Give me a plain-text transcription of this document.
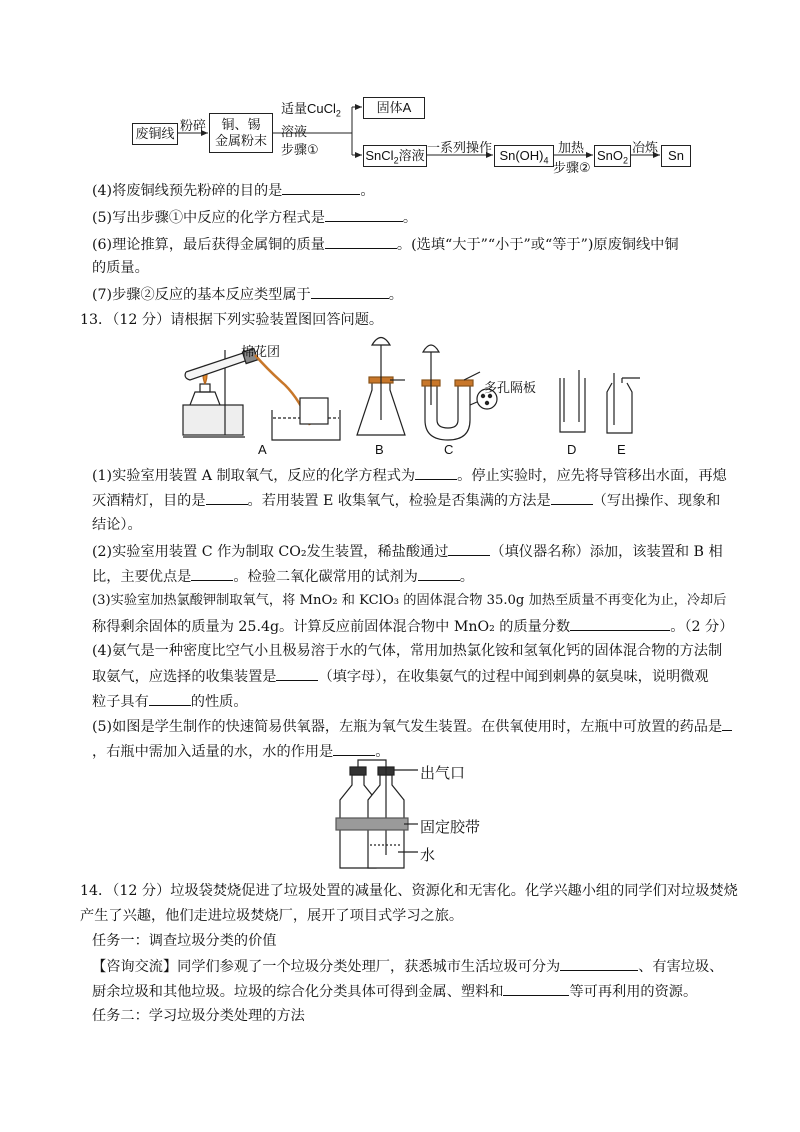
废铜线
粉碎	铜、锡
金属粉末
适量CuCl$_2$
溶液
步骤①
固体A
SnCl$_2$溶液
一系列操作
$Sn(OH)_4$
加热
步骤②
SnO$_2$
冶炼
Sn
(4)将废铜线预先粉碎的目的是	。
(5)写出步骤①中反应的化学方程式是	。
(6)理论推算，最后获得金属铜的质量	。(选填“大于”“小于”或“等于”)原废铜线中铜
的质量。
(7)步骤②反应的基本反应类型属于	。
13．（12 分）请根据下列实验装置图回答问题。
棉花团
多孔隔板
A	B	C	D	E
(1)实验室用装置 A 制取氧气，反应的化学方程式为	。停止实验时，应先将导管移出水面，再熄
灭酒精灯，目的是	。若用装置 E 收集氧气，检验是否集满的方法是	（写出操作、现象和
结论）。
(2)实验室用装置 C 作为制取 CO₂发生装置，稀盐酸通过	（填仪器名称）添加，该装置和 B 相
比，主要优点是	。检验二氧化碳常用的试剂为	。
(3)实验室加热氯酸钾制取氧气，将 MnO₂ 和 KClO₃ 的固体混合物 35.0g 加热至质量不再变化为止，冷却后
称得剩余固体的质量为 25.4g。计算反应前固体混合物中 MnO₂ 的质量分数	。（2 分）
(4)氨气是一种密度比空气小且极易溶于水的气体，常用加热氯化铵和氢氧化钙的固体混合物的方法制
取氨气，应选择的收集装置是	（填字母），在收集氨气的过程中闻到刺鼻的氨臭味，说明微观
粒子具有	的性质。
(5)如图是学生制作的快速简易供氧器，左瓶为氧气发生装置。在供氧使用时，左瓶中可放置的药品是
，右瓶中需加入适量的水，水的作用是	。
出气口
固定胶带
水
14．（12 分）垃圾袋焚烧促进了垃圾处置的减量化、资源化和无害化。化学兴趣小组的同学们对垃圾焚烧
产生了兴趣，他们走进垃圾焚烧厂，展开了项目式学习之旅。
任务一：调查垃圾分类的价值
【咨询交流】同学们参观了一个垃圾分类处理厂，获悉城市生活垃圾可分为	、有害垃圾、
厨余垃圾和其他垃圾。垃圾的综合化分类具体可得到金属、塑料和	等可再利用的资源。
任务二：学习垃圾分类处理的方法
